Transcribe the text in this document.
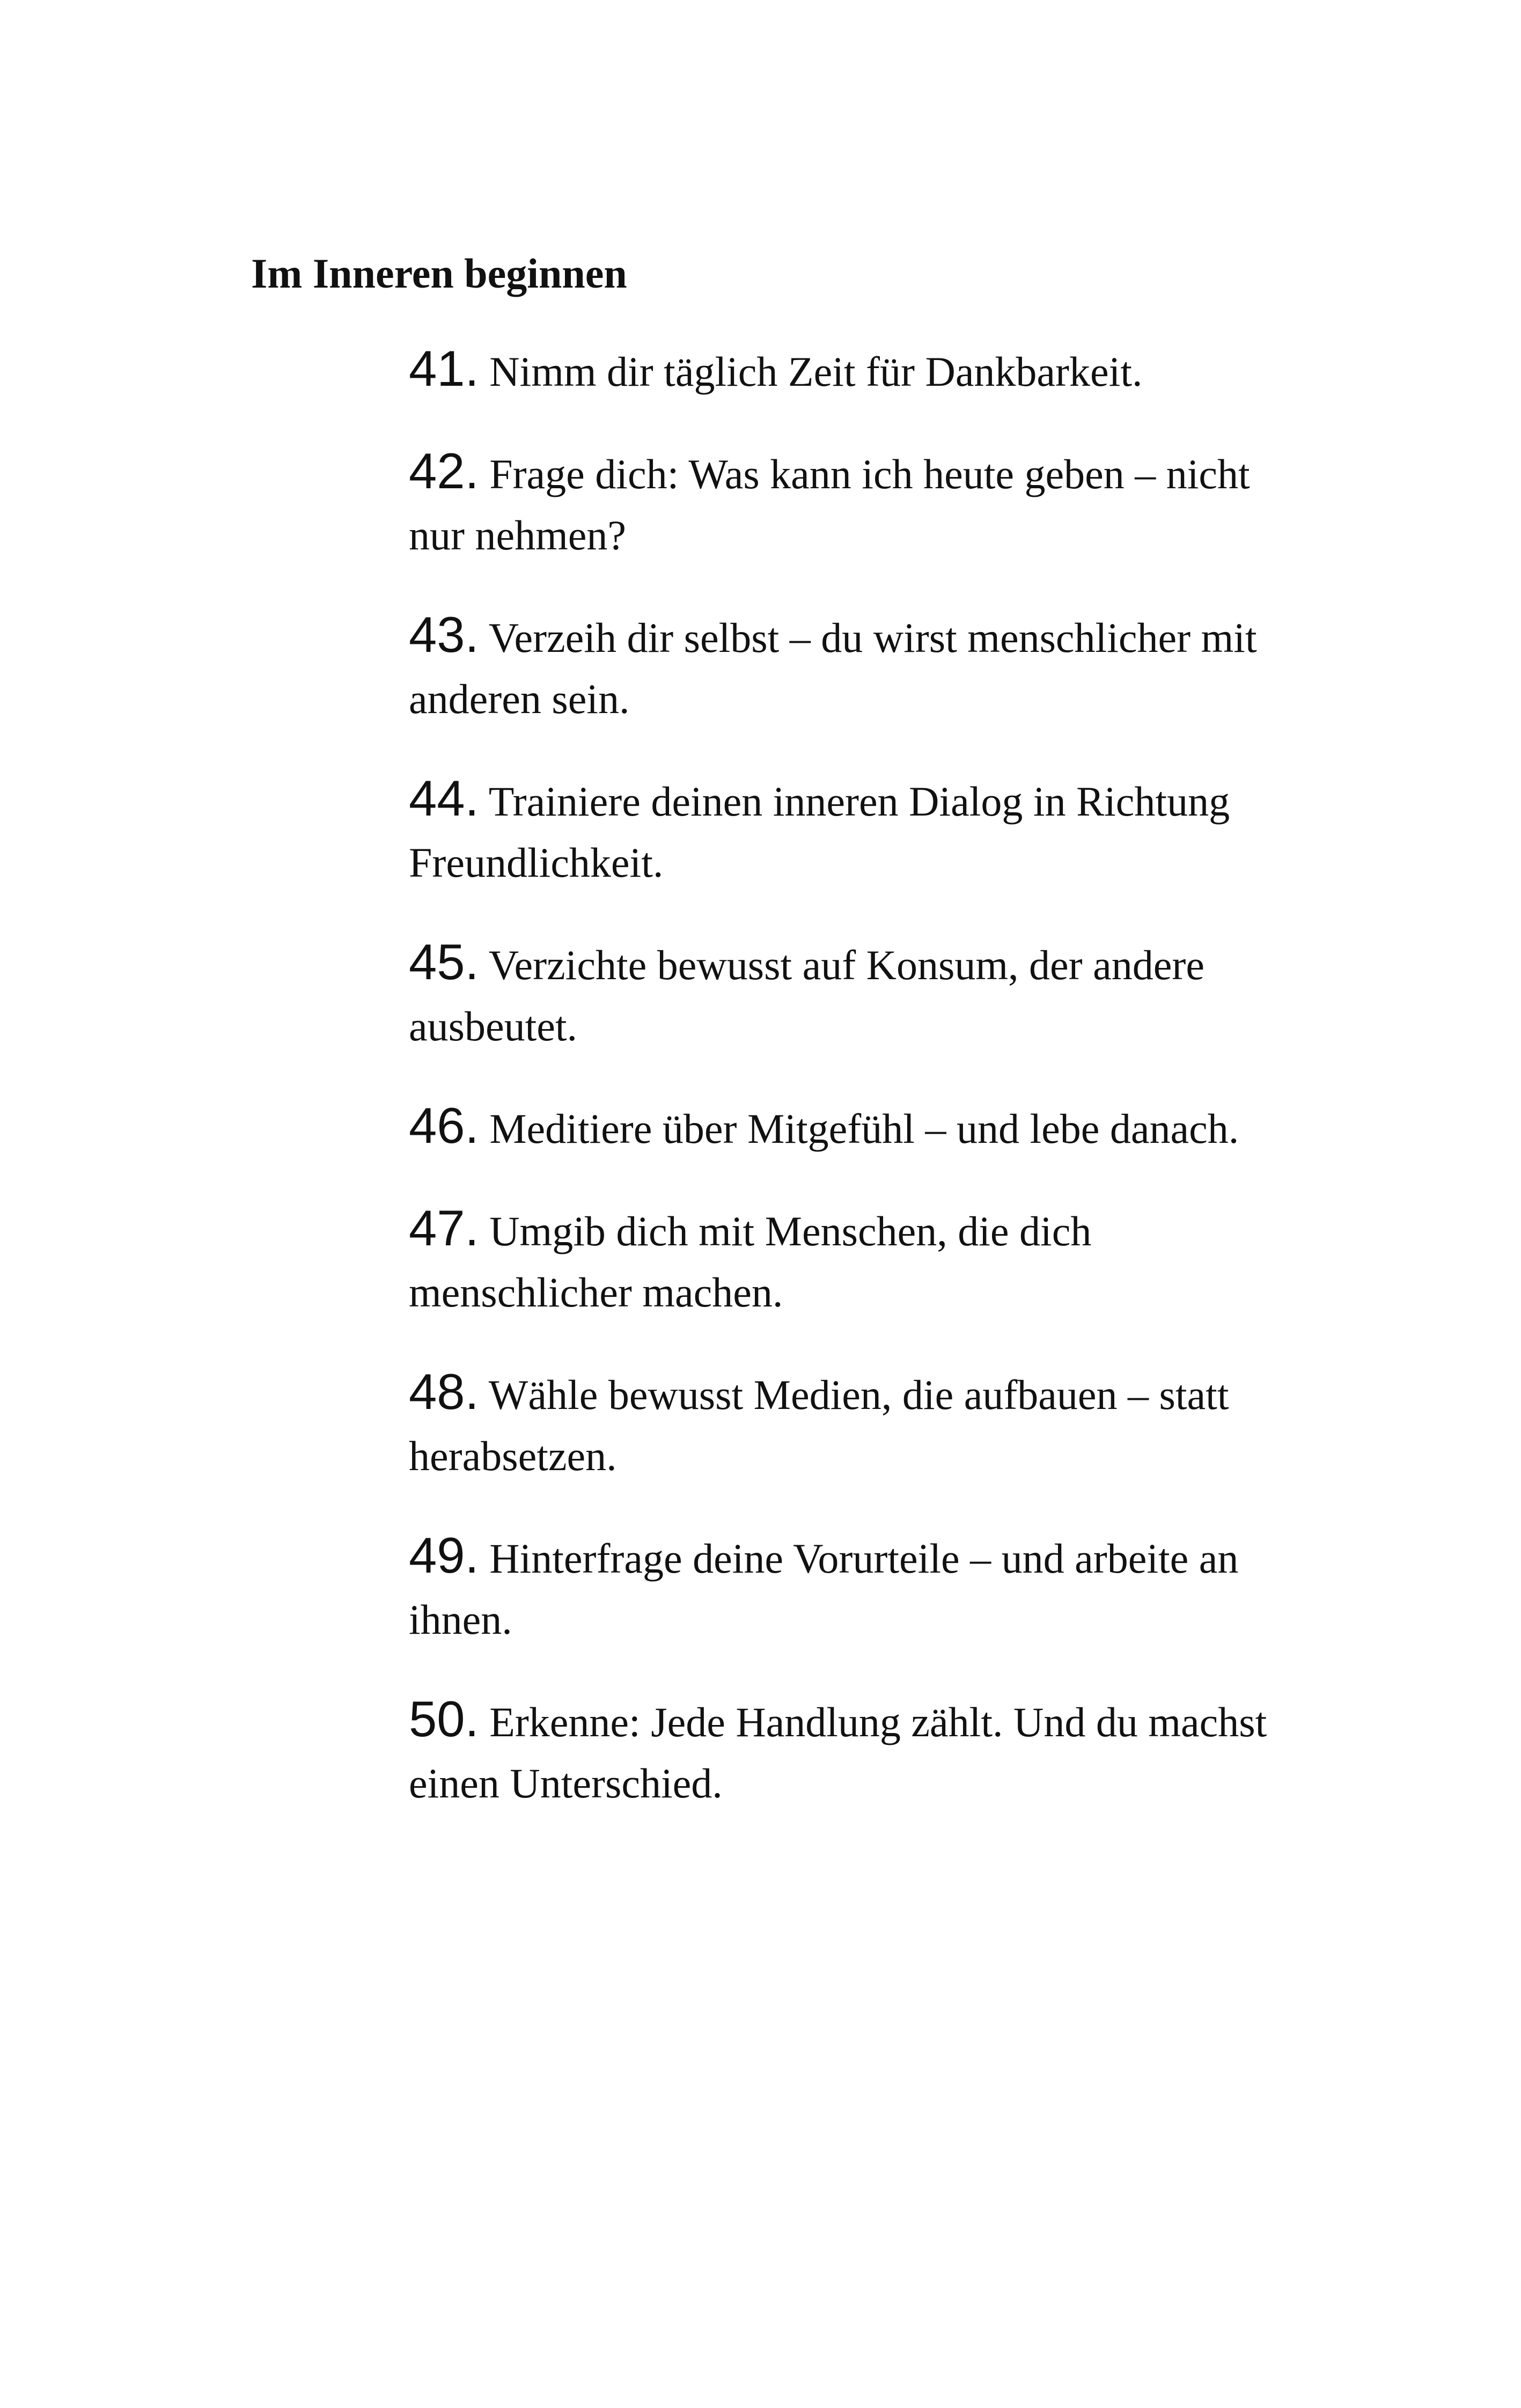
Im Inneren beginnen
41. Nimm dir täglich Zeit für Dankbarkeit.
42. Frage dich: Was kann ich heute geben – nicht nur nehmen?
43. Verzeih dir selbst – du wirst menschlicher mit anderen sein.
44. Trainiere deinen inneren Dialog in Richtung Freundlichkeit.
45. Verzichte bewusst auf Konsum, der andere ausbeutet.
46. Meditiere über Mitgefühl – und lebe danach.
47. Umgib dich mit Menschen, die dich menschlicher machen.
48. Wähle bewusst Medien, die aufbauen – statt herabsetzen.
49. Hinterfrage deine Vorurteile – und arbeite an ihnen.
50. Erkenne: Jede Handlung zählt. Und du machst einen Unterschied.
